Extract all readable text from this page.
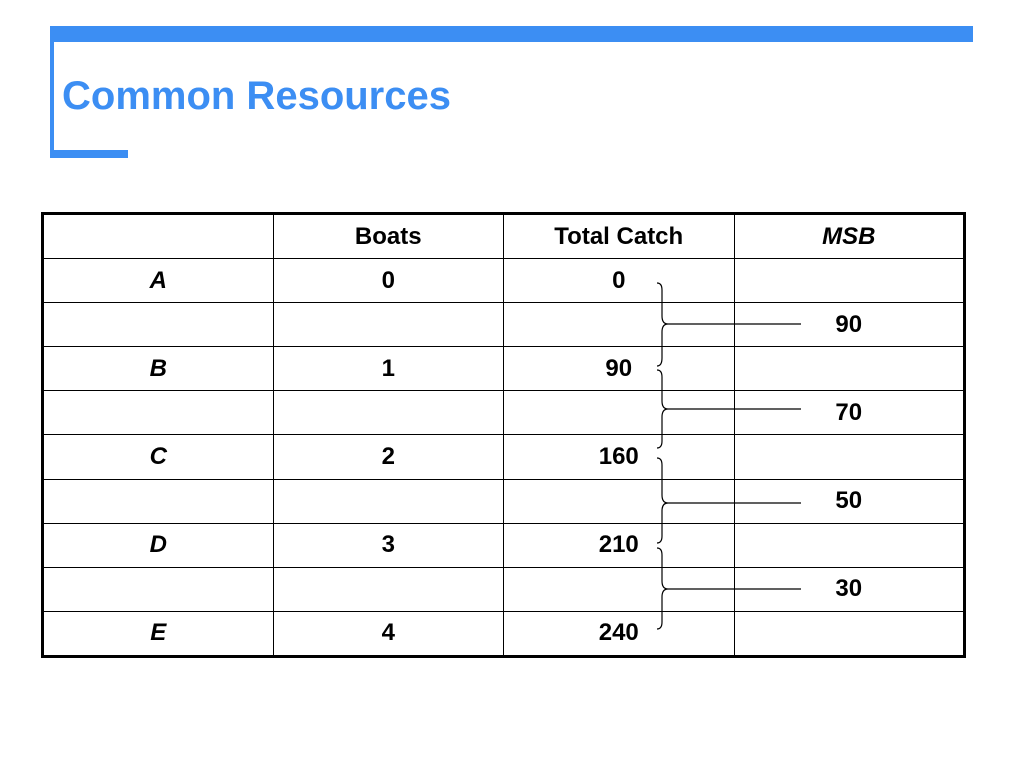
Common Resources
	Boats	Total Catch	MSB
A	0	0	
			90
B	1	90	
			70
C	2	160	
			50
D	3	210	
			30
E	4	240	
